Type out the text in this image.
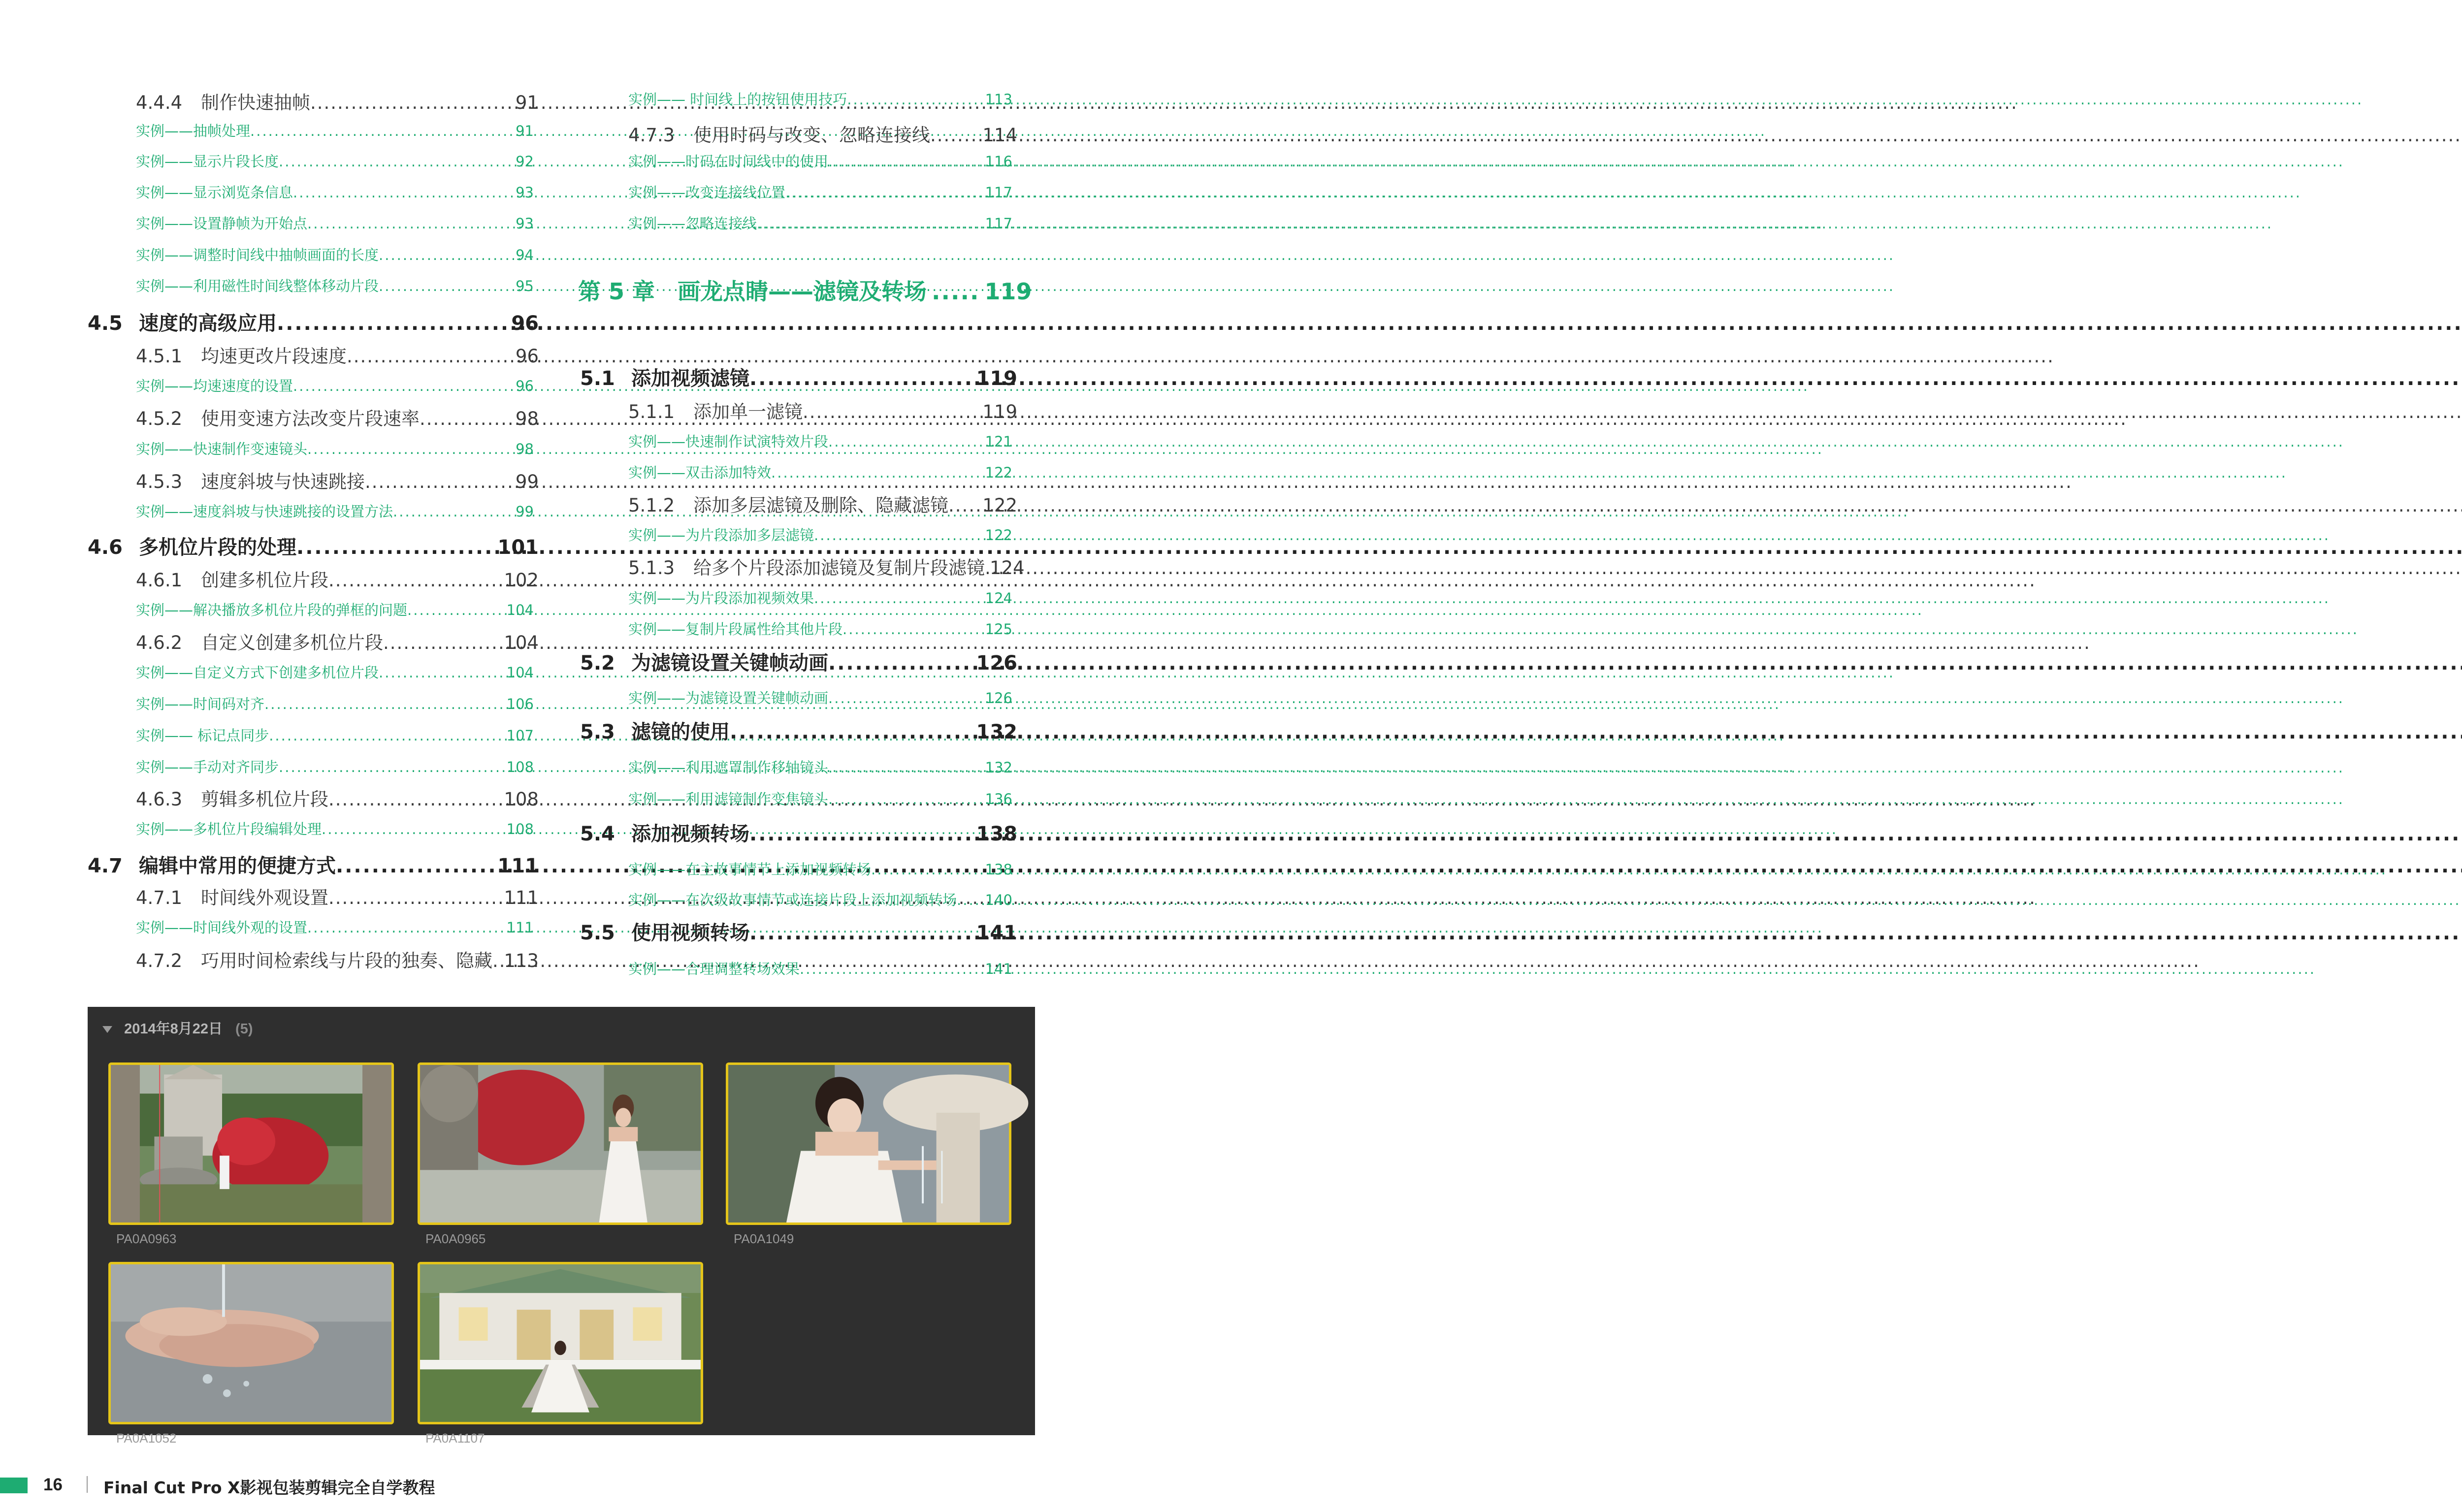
4.4.4 制作快速抽帧 .....	91
实例——抽帧处理 .....	91
实例——显示片段长度 .....	92
实例——显示浏览条信息 .....	93
实例——设置静帧为开始点 .....	93
实例——调整时间线中抽帧画面的长度 .....	94
实例——利用磁性时间线整体移动片段 .....	95
4.5 速度的高级应用 .....	96
4.5.1 均速更改片段速度 .....	96
实例——均速速度的设置 .....	96
4.5.2 使用变速方法改变片段速率 .....	98
实例——快速制作变速镜头 .....	98
4.5.3 速度斜坡与快速跳接 .....	99
实例——速度斜坡与快速跳接的设置方法 .....	99
4.6 多机位片段的处理 .....	101
4.6.1 创建多机位片段 .....	102
实例——解决播放多机位片段的弹框的问题 .....	104
4.6.2 自定义创建多机位片段 .....	104
实例——自定义方式下创建多机位片段 .....	104
实例——时间码对齐 .....	106
实例—— 标记点同步 .....	107
实例——手动对齐同步 .....	108
4.6.3 剪辑多机位片段 .....	108
实例——多机位片段编辑处理 .....	108
4.7 编辑中常用的便捷方式 .....	111
4.7.1 时间线外观设置 .....	111
实例——时间线外观的设置 .....	111
4.7.2 巧用时间检索线与片段的独奏、隐藏 ..... 113
实例—— 时间线上的按钮使用技巧 .....	113
4.7.3 使用时码与改变、忽略连接线 .....	114
实例——时码在时间线中的使用 .....	116
实例——改变连接线位置 .....	117
实例——忽略连接线 .....	117
第 5 章　画龙点睛——滤镜及转场 .....	119
5.1 添加视频滤镜 .....	119
5.1.1 添加单一滤镜 .....	119
实例——快速制作试演特效片段 .....	121
实例——双击添加特效 .....	122
5.1.2 添加多层滤镜及删除、隐藏滤镜 ..... 122
实例——为片段添加多层滤镜 .....	122
5.1.3 给多个片段添加滤镜及复制片段滤镜 ..... 124
实例——为片段添加视频效果 .....	124
实例——复制片段属性给其他片段 .....	125
5.2 为滤镜设置关键帧动画 .....	126
实例——为滤镜设置关键帧动画 .....	126
5.3 滤镜的使用 .....	132
实例——利用遮罩制作移轴镜头 .....	132
实例——利用滤镜制作变焦镜头 .....	136
5.4 添加视频转场 .....	138
实例——在主故事情节上添加视频转场 .....	138
实例——在次级故事情节或连接片段上添加视频转场 ..... 140
5.5 使用视频转场 .....	141
实例——合理调整转场效果 .....	141
2014年8月22日 (5)
PA0A0963	PA0A0965	PA0A1049
PA0A1052	PA0A1107
16	Final Cut Pro X影视包装剪辑完全自学教程
